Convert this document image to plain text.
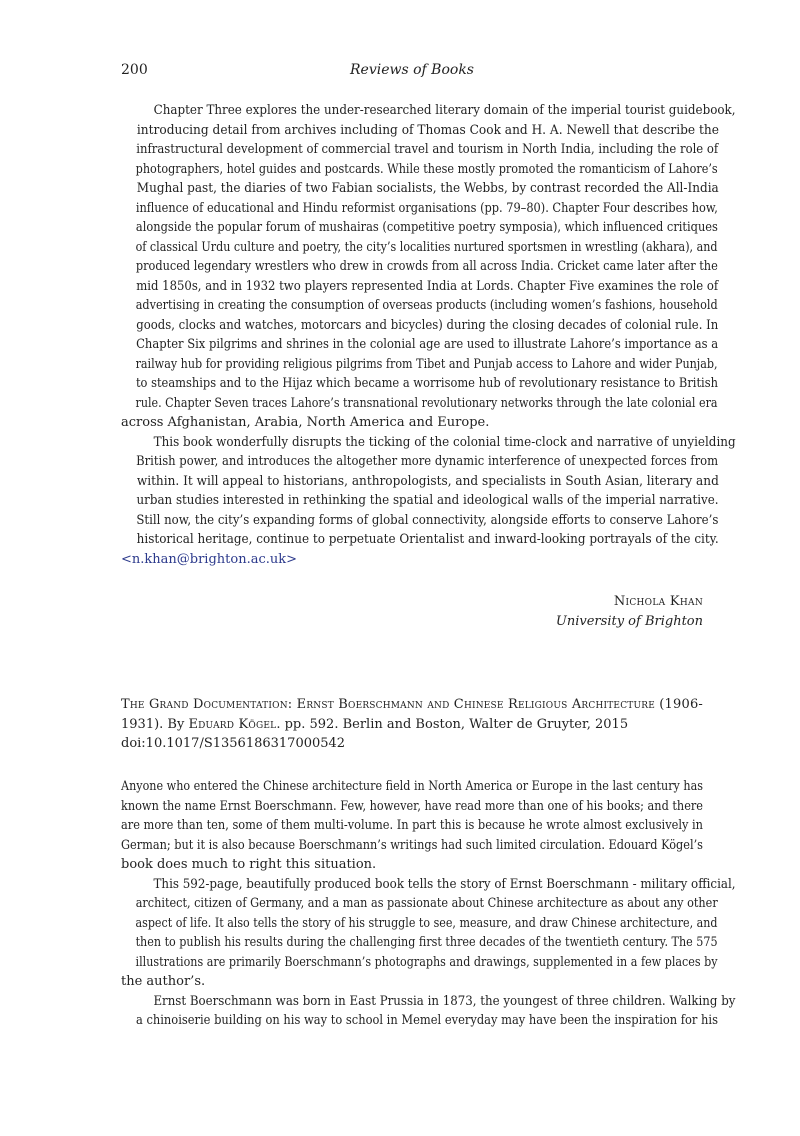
200	Reviews of Books

Chapter Three explores the under-researched literary domain of the imperial tourist guidebook,
introducing detail from archives including of Thomas Cook and H. A. Newell that describe the
infrastructural development of commercial travel and tourism in North India, including the role of
photographers, hotel guides and postcards. While these mostly promoted the romanticism of Lahore’s
Mughal past, the diaries of two Fabian socialists, the Webbs, by contrast recorded the All-India
influence of educational and Hindu reformist organisations (pp. 79–80). Chapter Four describes how,
alongside the popular forum of mushairas (competitive poetry symposia), which influenced critiques
of classical Urdu culture and poetry, the city’s localities nurtured sportsmen in wrestling (akhara), and
produced legendary wrestlers who drew in crowds from all across India. Cricket came later after the
mid 1850s, and in 1932 two players represented India at Lords. Chapter Five examines the role of
advertising in creating the consumption of overseas products (including women’s fashions, household
goods, clocks and watches, motorcars and bicycles) during the closing decades of colonial rule. In
Chapter Six pilgrims and shrines in the colonial age are used to illustrate Lahore’s importance as a
railway hub for providing religious pilgrims from Tibet and Punjab access to Lahore and wider Punjab,
to steamships and to the Hijaz which became a worrisome hub of revolutionary resistance to British
rule. Chapter Seven traces Lahore’s transnational revolutionary networks through the late colonial era
across Afghanistan, Arabia, North America and Europe.

This book wonderfully disrupts the ticking of the colonial time-clock and narrative of unyielding
British power, and introduces the altogether more dynamic interference of unexpected forces from
within. It will appeal to historians, anthropologists, and specialists in South Asian, literary and
urban studies interested in rethinking the spatial and ideological walls of the imperial narrative.
Still now, the city’s expanding forms of global connectivity, alongside efforts to conserve Lahore’s
historical heritage, continue to perpetuate Orientalist and inward-looking portrayals of the city.
<n.khan@brighton.ac.uk>

Nichola Khan
University of Brighton
The Grand Documentation: Ernst Boerschmann and Chinese Religious Architecture (1906-
1931). By Eduard Kögel. pp. 592. Berlin and Boston, Walter de Gruyter, 2015
doi:10.1017/S1356186317000542

Anyone who entered the Chinese architecture field in North America or Europe in the last century has
known the name Ernst Boerschmann. Few, however, have read more than one of his books; and there
are more than ten, some of them multi-volume. In part this is because he wrote almost exclusively in
German; but it is also because Boerschmann’s writings had such limited circulation. Edouard Kögel’s
book does much to right this situation.

This 592-page, beautifully produced book tells the story of Ernst Boerschmann - military official,
architect, citizen of Germany, and a man as passionate about Chinese architecture as about any other
aspect of life. It also tells the story of his struggle to see, measure, and draw Chinese architecture, and
then to publish his results during the challenging first three decades of the twentieth century. The 575
illustrations are primarily Boerschmann’s photographs and drawings, supplemented in a few places by
the author’s.

Ernst Boerschmann was born in East Prussia in 1873, the youngest of three children. Walking by
a chinoiserie building on his way to school in Memel everyday may have been the inspiration for his
